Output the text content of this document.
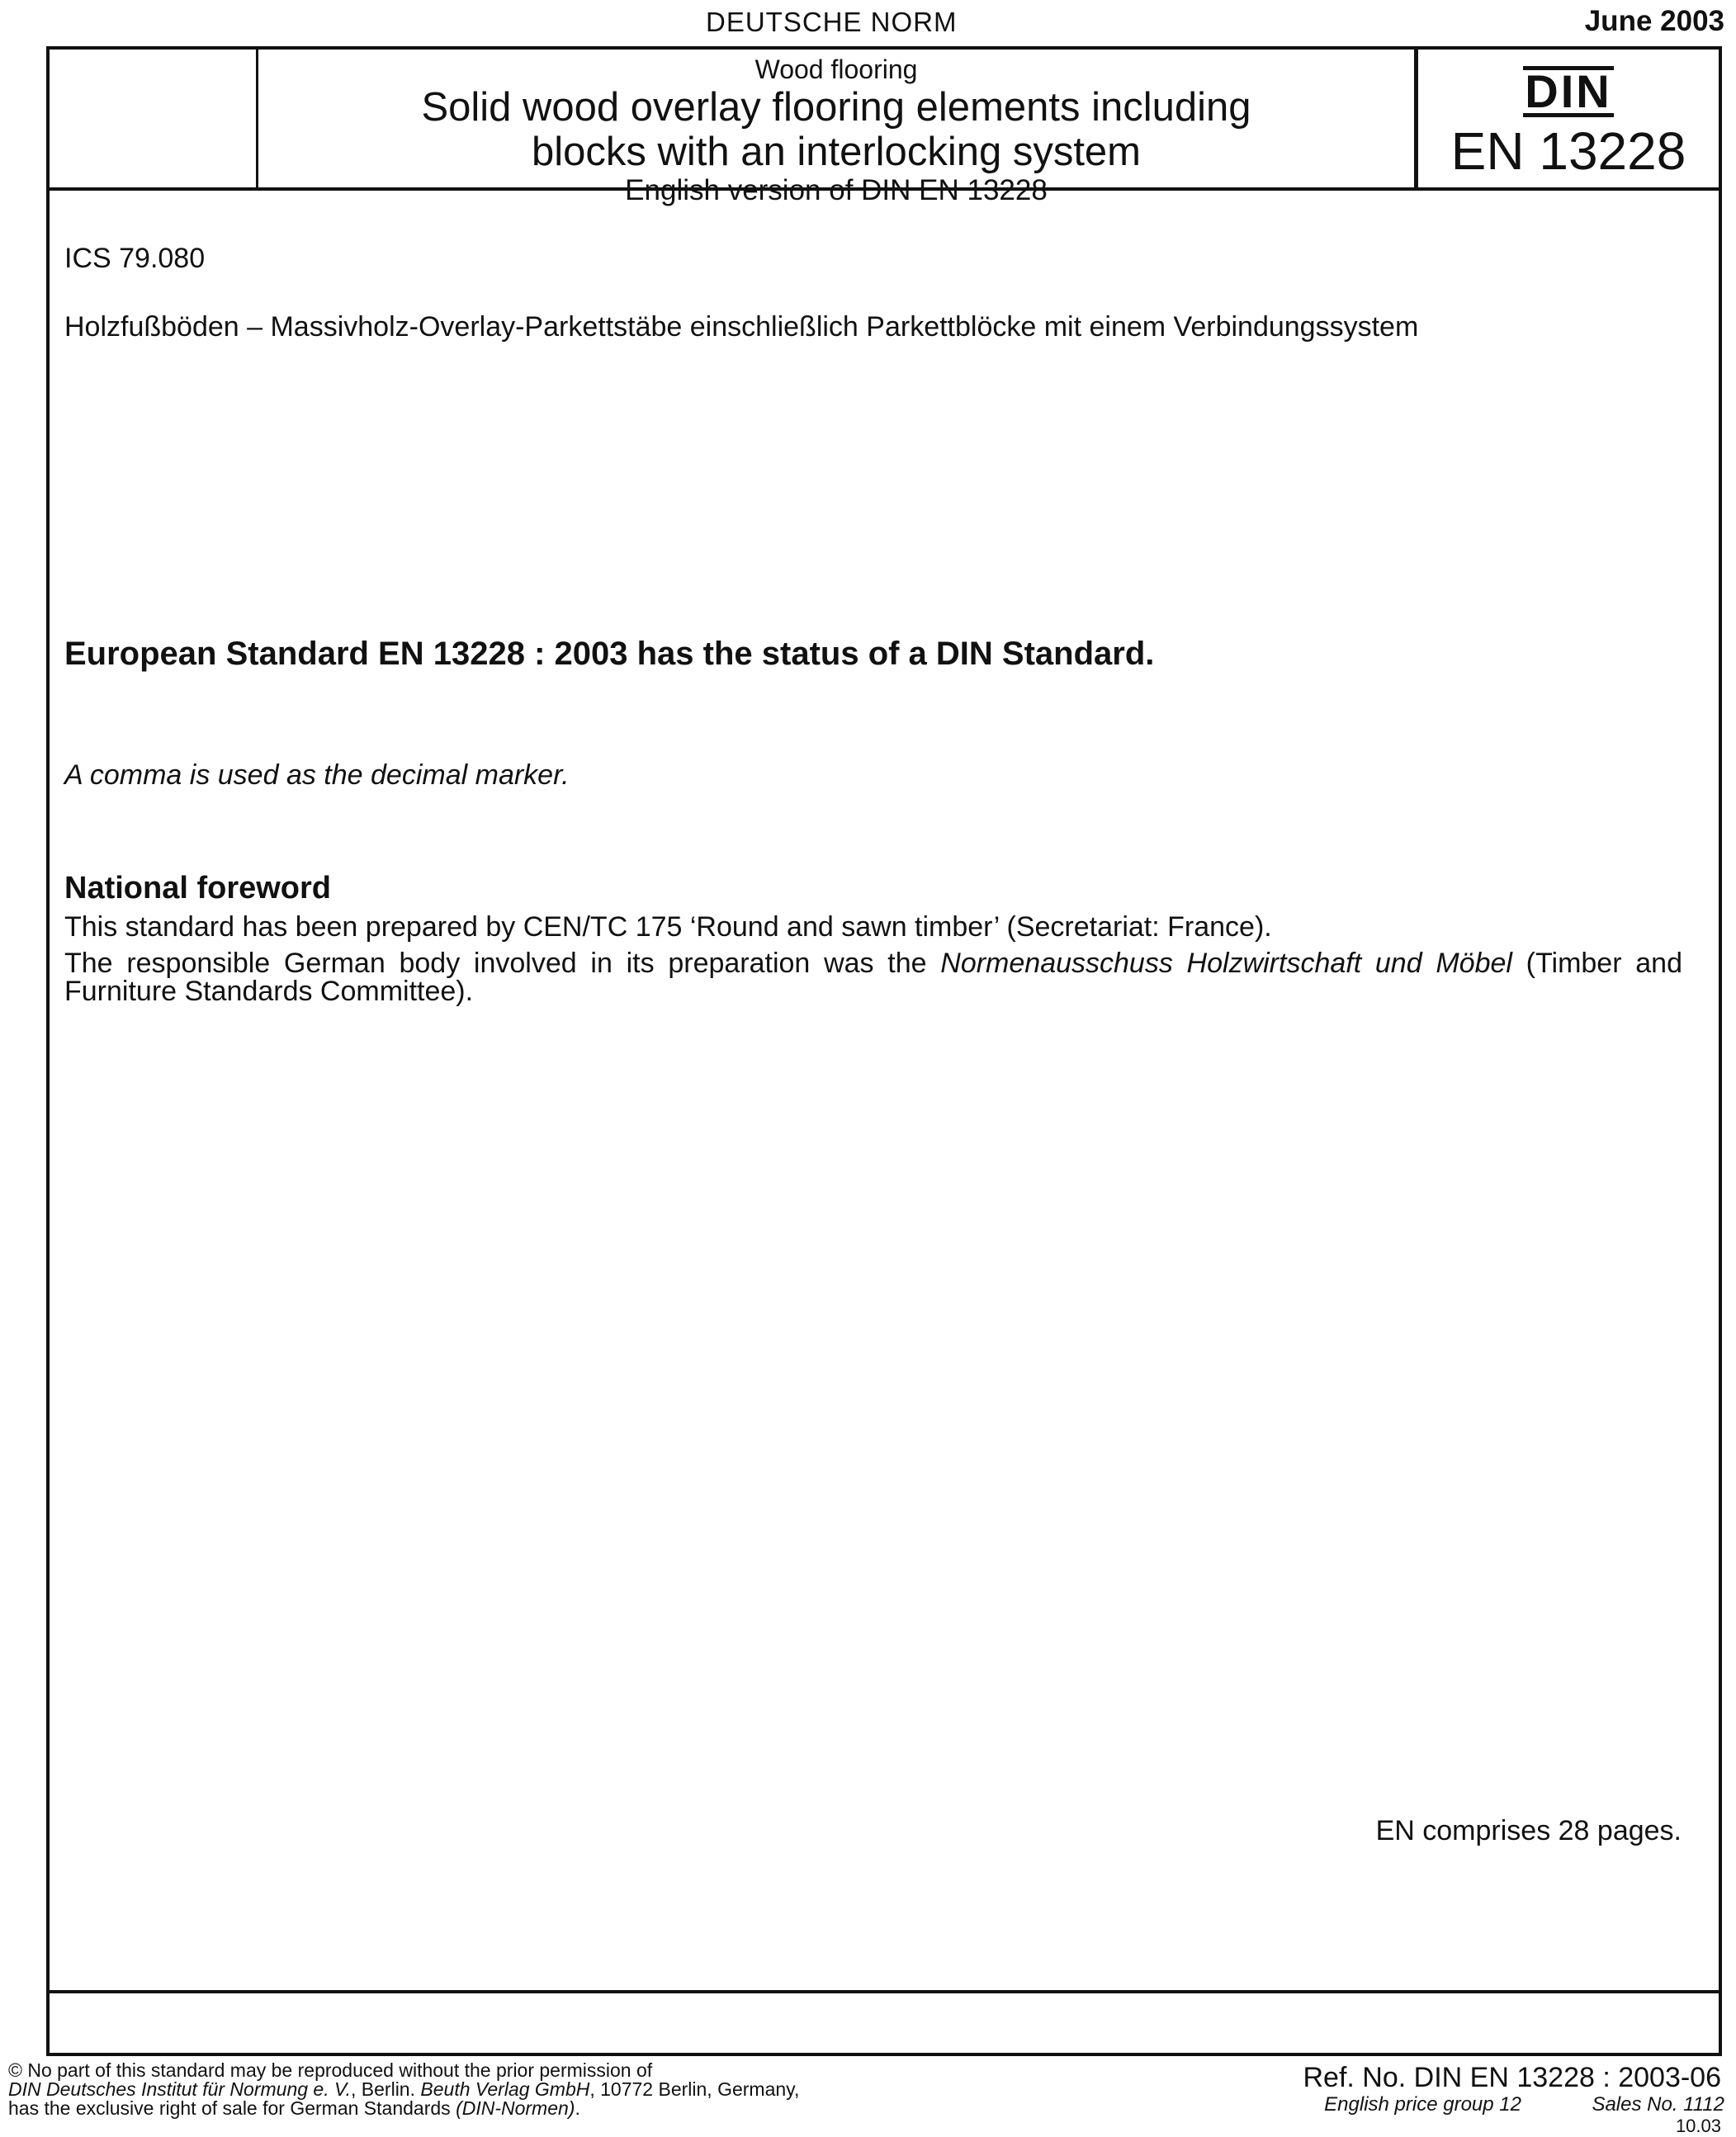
DEUTSCHE NORM	June 2003
Wood flooring
Solid wood overlay flooring elements including
blocks with an interlocking system
English version of DIN EN 13228
DIN
EN 13228
ICS 79.080
Holzfußböden – Massivholz-Overlay-Parkettstäbe einschließlich Parkettblöcke mit einem Verbindungssystem
European Standard EN 13228 : 2003 has the status of a DIN Standard.
A comma is used as the decimal marker.
National foreword
This standard has been prepared by CEN/TC 175 ‘Round and sawn timber’ (Secretariat: France).
The responsible German body involved in its preparation was the Normenausschuss Holzwirtschaft und Möbel (Timber and Furniture Standards Committee).
EN comprises 28 pages.
© No part of this standard may be reproduced without the prior permission of
DIN Deutsches Institut für Normung e. V., Berlin. Beuth Verlag GmbH, 10772 Berlin, Germany,
has the exclusive right of sale for German Standards (DIN-Normen).
Ref. No. DIN EN 13228 : 2003-06
English price group 12	Sales No. 1112
10.03
